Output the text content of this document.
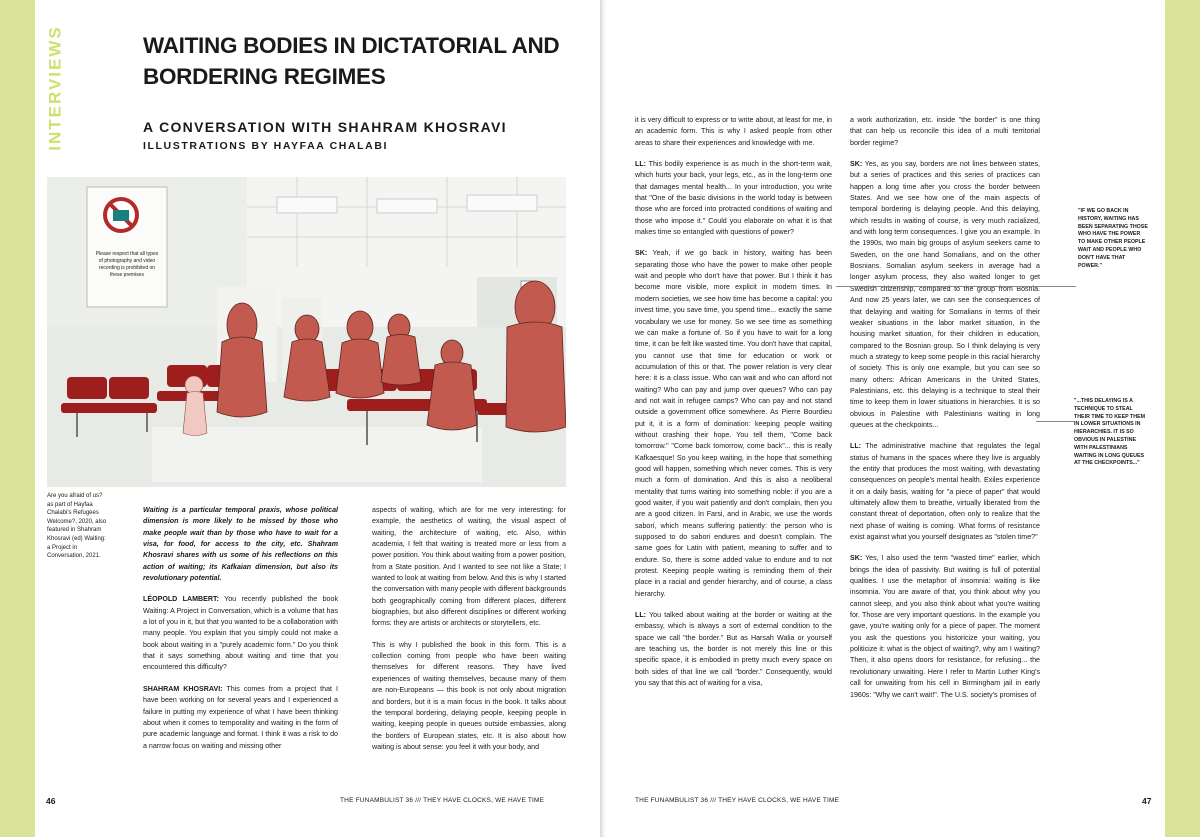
INTERVIEWS	WAITING BODIES IN DICTATORIAL AND BORDERING REGIMES
A CONVERSATION WITH SHAHRAM KHOSRAVI
ILLUSTRATIONS BY HAYFAA CHALABI
Please respect that all types of photography and video recording is prohibited on these premises
Are you afraid of us? as part of Hayfaa Chalabi's Refugees Welcome?, 2020, also featured in Shahram Khosravi (ed) Waiting: a Project in Conversation, 2021.

Waiting is a particular temporal praxis, whose political dimension is more likely to be missed by those who make people wait than by those who have to wait for a visa, for food, for access to the city, etc. Shahram Khosravi shares with us some of his reflections on this action of waiting; its Kafkaian dimension, but also its revolutionary potential.

LÉOPOLD LAMBERT: You recently published the book Waiting: A Project in Conversation, which is a volume that has a lot of you in it, but that you wanted to be a collaboration with many people. You explain that you simply could not make a book about waiting in a "purely academic form." Do you think that it says something about waiting and time that you encountered this difficulty?

SHAHRAM KHOSRAVI: This comes from a project that I have been working on for several years and I experienced a failure in putting my experience of what I have been thinking about when it comes to temporality and waiting in the form of pure academic language and format. I think it was a risk to do a narrow focus on waiting and missing other

aspects of waiting, which are for me very interesting: for example, the aesthetics of waiting, the visual aspect of waiting, the architecture of waiting, etc. Also, within academia, I felt that waiting is treated more or less from a power position. You think about waiting from a power position, from a State position. And I wanted to see not like a State; I wanted to look at waiting from below. And this is why I started the conversation with many people with different backgrounds both geographically coming from different places, different biographies, but also different disciplines or different working forms: they are artists or architects or storytellers, etc.

This is why I published the book in this form. This is a collection coming from people who have been waiting themselves for different reasons. They have lived experiences of waiting themselves, because many of them are non-Europeans — this book is not only about migration and borders, but it is a main focus in the book. It talks about the temporal bordering, delaying people, keeping people in waiting, keeping people in queues outside embassies, along the borders of European states, etc. It is also about how waiting is about sense: you feel it with your body, and

46	THE FUNAMBULIST 36 /// THEY HAVE CLOCKS, WE HAVE TIME

it is very difficult to express or to write about, at least for me, in an academic form. This is why I asked people from other areas to share their experiences and knowledge with me.

LL: This bodily experience is as much in the short-term wait, which hurts your back, your legs, etc., as in the long-term one that damages mental health... In your introduction, you write that "One of the basic divisions in the world today is between those who are forced into protracted conditions of waiting and those who impose it." Could you elaborate on what it is that makes time so entangled with questions of power?

SK: Yeah, if we go back in history, waiting has been separating those who have the power to make other people wait and people who don't have that power. But I think it has become more visible, more explicit in modern times. In modern societies, we see how time has become a capital: you invest time, you save time, you spend time... exactly the same vocabulary we use for money. So we see time as something we can make a fortune of. So if you have to wait for a long time, it can be felt like wasted time. You don't have that capital, you cannot use that time for education or work or accumulation of this or that. The power relation is very clear here: it is a class issue. Who can wait and who can afford not waiting? Who can pay and jump over queues? Who can pay and not wait in refugee camps? Who can pay and not stand outside a government office somewhere. As Pierre Bourdieu put it, it is a form of domination: keeping people waiting without crashing their hope. You tell them, "Come back tomorrow." "Come back tomorrow, come back"... this is really Kafkaesque! So you keep waiting, in the hope that something good will happen, something which never comes. This is very much a form of domination. And this is also a neoliberal mentality that turns waiting into something noble: if you are a good waiter, if you wait patiently and don't complain, then you are a good citizen. In Farsi, and in Arabic, we use the words saborí, which means suffering patiently: the person who is supposed to do sabori endures and doesn't complain. The same goes for Latin with patient, meaning to suffer and to endure. So, there is some added value to endure and to not protest. Keeping people waiting is reminding them of their place in a racial and gender hierarchy, and of course, a class hierarchy.

LL: You talked about waiting at the border or waiting at the embassy, which is always a sort of external condition to the space we call "the border." But as Harsah Walia or yourself are teaching us, the border is not merely this line or this specific space, it is embodied in pretty much every space on both sides of that line we call "border." Consequently, would you say that this act of waiting for a visa,

a work authorization, etc. inside "the border" is one thing that can help us reconcile this idea of a multi territorial border regime?

SK: Yes, as you say, borders are not lines between states, but a series of practices and this series of practices can happen a long time after you cross the border between States. And we see how one of the main aspects of temporal bordering is delaying people. And this delaying, which results in waiting of course, is very much racialized, and with long term consequences. I give you an example. In the 1990s, two main big groups of asylum seekers came to Sweden, on the one hand Somalians, and on the other Bosnians. Somalian asylum seekers in average had a longer asylum process, they also waited longer to get Swedish citizenship, compared to the group from Bosnia. And now 25 years later, we can see the consequences of that delaying and waiting for Somalians in terms of their weaker situations in the labor market situation, in the housing market situation, for their children in education, compared to the Bosnian group. So I think delaying is very much a strategy to keep some people in this racial hierarchy of society. This is only one example, but you can see so many others: African Americans in the United States, Palestinians, etc. this delaying is a technique to steal their time to keep them in lower situations in hierarchies. It is so obvious in Palestine with Palestinians waiting in long queues at the checkpoints...

LL: The administrative machine that regulates the legal status of humans in the spaces where they live is arguably the entity that produces the most waiting, with devastating consequences on people's mental health. Exiles experience it on a daily basis, waiting for "a piece of paper" that would ultimately allow them to breathe, virtually liberated from the constant threat of deportation, often only to realize that the next phase of waiting is coming. What forms of resistance exist against what you yourself designates as "stolen time?"

SK: Yes, I also used the term "wasted time" earlier, which brings the idea of passivity. But waiting is full of potential qualities. I use the metaphor of insomnia: waiting is like insomnia. You are aware of that, you think about why you cannot sleep, and you also think about what you're waiting for. Those are very important questions. In the example you gave, you're waiting only for a piece of paper. The moment you ask the questions you historicize your waiting, you politicize it: what is the object of waiting?, why am I waiting? Then, it also opens doors for resistance, for refusing... the revolutionary unwaiting. Here I refer to Martin Luther King's call for unwaiting from his cell in Birmingham jail in early 1960s: "Why we can't wait!". The U.S. society's promises of

"IF WE GO BACK IN HISTORY, WAITING HAS BEEN SEPARATING THOSE WHO HAVE THE POWER TO MAKE OTHER PEOPLE WAIT AND PEOPLE WHO DON'T HAVE THAT POWER."
"...THIS DELAYING IS A TECHNIQUE TO STEAL THEIR TIME TO KEEP THEM IN LOWER SITUATIONS IN HIERARCHIES. IT IS SO OBVIOUS IN PALESTINE WITH PALESTINIANS WAITING IN LONG QUEUES AT THE CHECKPOINTS..."
THE FUNAMBULIST 36 /// THEY HAVE CLOCKS, WE HAVE TIME	47
